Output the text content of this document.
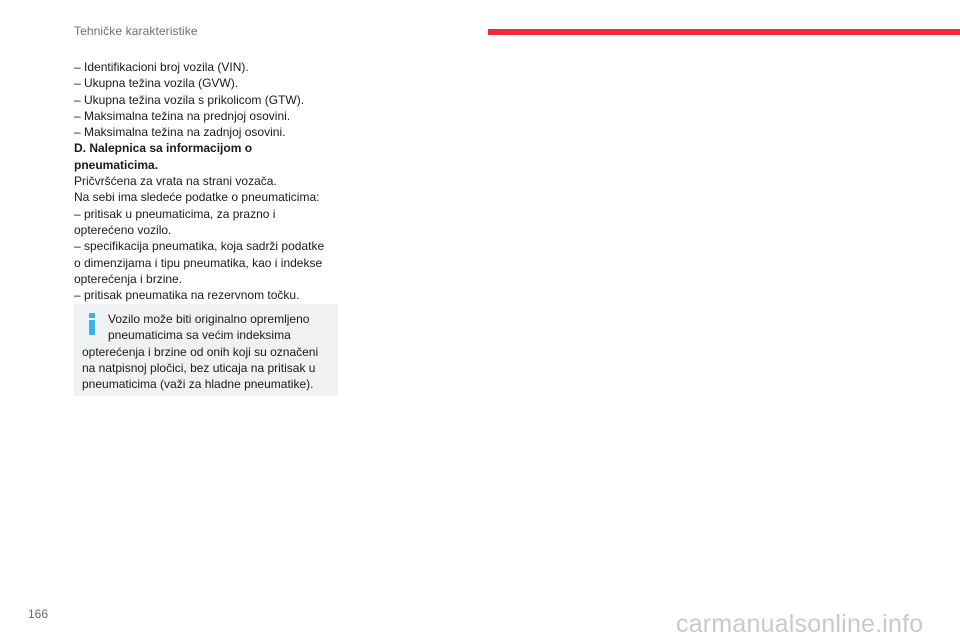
Tehničke karakteristike
– Identifikacioni broj vozila (VIN).
– Ukupna težina vozila (GVW).
– Ukupna težina vozila s prikolicom (GTW).
– Maksimalna težina na prednjoj osovini.
– Maksimalna težina na zadnjoj osovini.
D. Nalepnica sa informacijom o
pneumaticima.
Pričvršćena za vrata na strani vozača.
Na sebi ima sledeće podatke o pneumaticima:
– pritisak u pneumaticima, za prazno i
opterećeno vozilo.
– specifikacija pneumatika, koja sadrži podatke
o dimenzijama i tipu pneumatika, kao i indekse
opterećenja i brzine.
– pritisak pneumatika na rezervnom točku.
Vozilo može biti originalno opremljeno
pneumaticima sa većim indeksima
opterećenja i brzine od onih koji su označeni
na natpisnoj pločici, bez uticaja na pritisak u
pneumaticima (važi za hladne pneumatike).
166	carmanualsonline.info
